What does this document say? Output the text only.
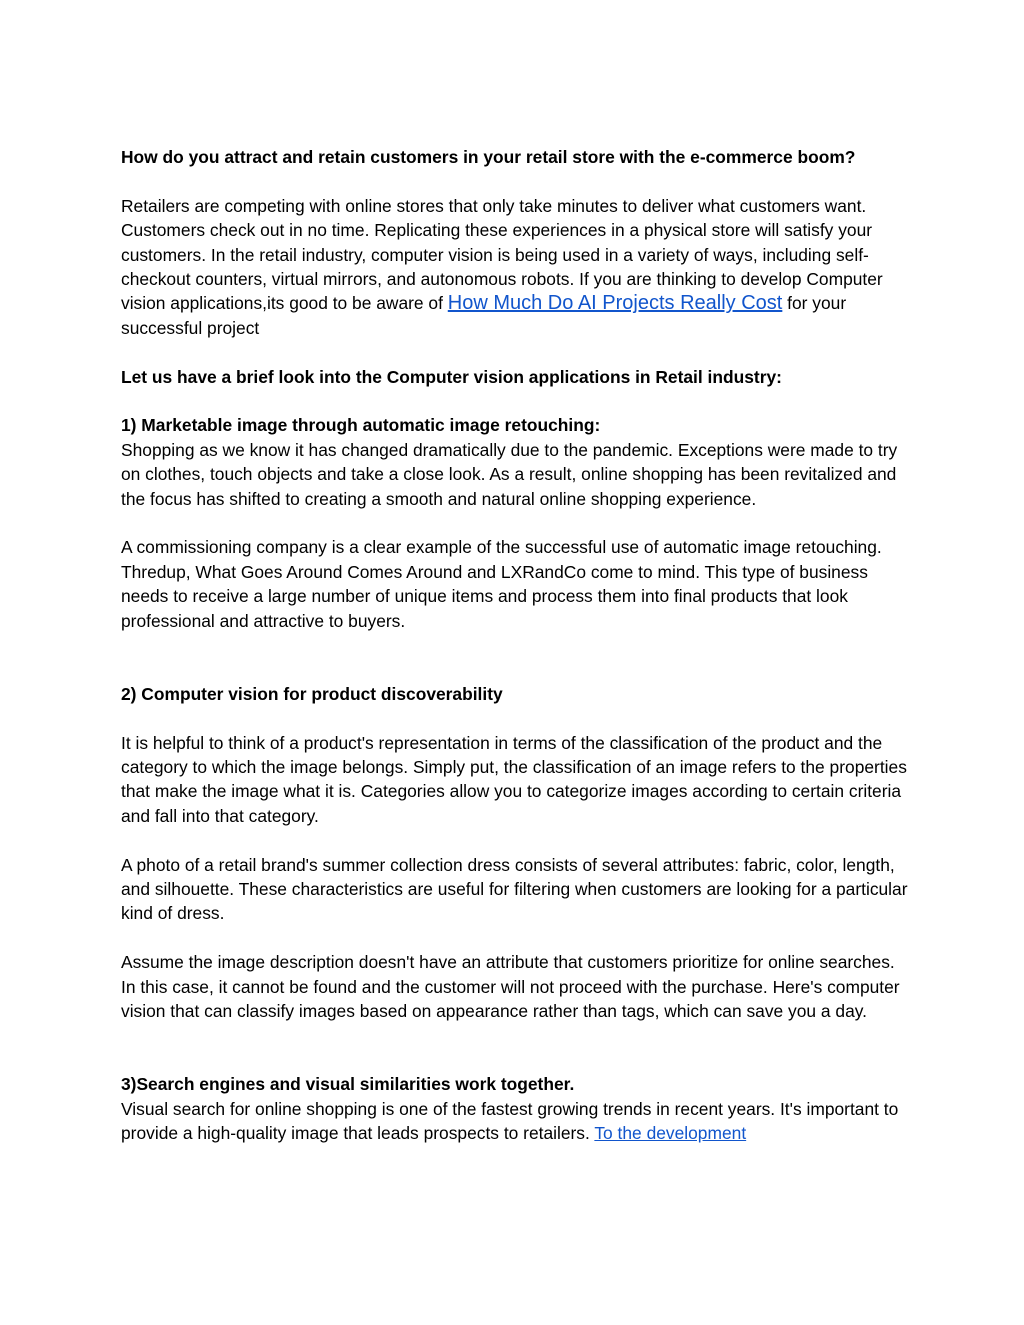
How do you attract and retain customers in your retail store with the e-commerce boom?

Retailers are competing with online stores that only take minutes to deliver what customers want. Customers check out in no time. Replicating these experiences in a physical store will satisfy your customers. In the retail industry, computer vision is being used in a variety of ways, including self-checkout counters, virtual mirrors, and autonomous robots. If you are thinking to develop Computer vision applications,its good to be aware of How Much Do AI Projects Really Cost for your successful project

Let us have a brief look into the Computer vision applications in Retail industry:

1) Marketable image through automatic image retouching:

Shopping as we know it has changed dramatically due to the pandemic. Exceptions were made to try on clothes, touch objects and take a close look. As a result, online shopping has been revitalized and the focus has shifted to creating a smooth and natural online shopping experience.

A commissioning company is a clear example of the successful use of automatic image retouching. Thredup, What Goes Around Comes Around and LXRandCo come to mind. This type of business needs to receive a large number of unique items and process them into final products that look professional and attractive to buyers.

2) Computer vision for product discoverability

It is helpful to think of a product's representation in terms of the classification of the product and the category to which the image belongs. Simply put, the classification of an image refers to the properties that make the image what it is. Categories allow you to categorize images according to certain criteria and fall into that category.

A photo of a retail brand's summer collection dress consists of several attributes: fabric, color, length, and silhouette. These characteristics are useful for filtering when customers are looking for a particular kind of dress.

Assume the image description doesn't have an attribute that customers prioritize for online searches. In this case, it cannot be found and the customer will not proceed with the purchase. Here's computer vision that can classify images based on appearance rather than tags, which can save you a day.

3)Search engines and visual similarities work together.

Visual search for online shopping is one of the fastest growing trends in recent years. It's important to provide a high-quality image that leads prospects to retailers. To the development
